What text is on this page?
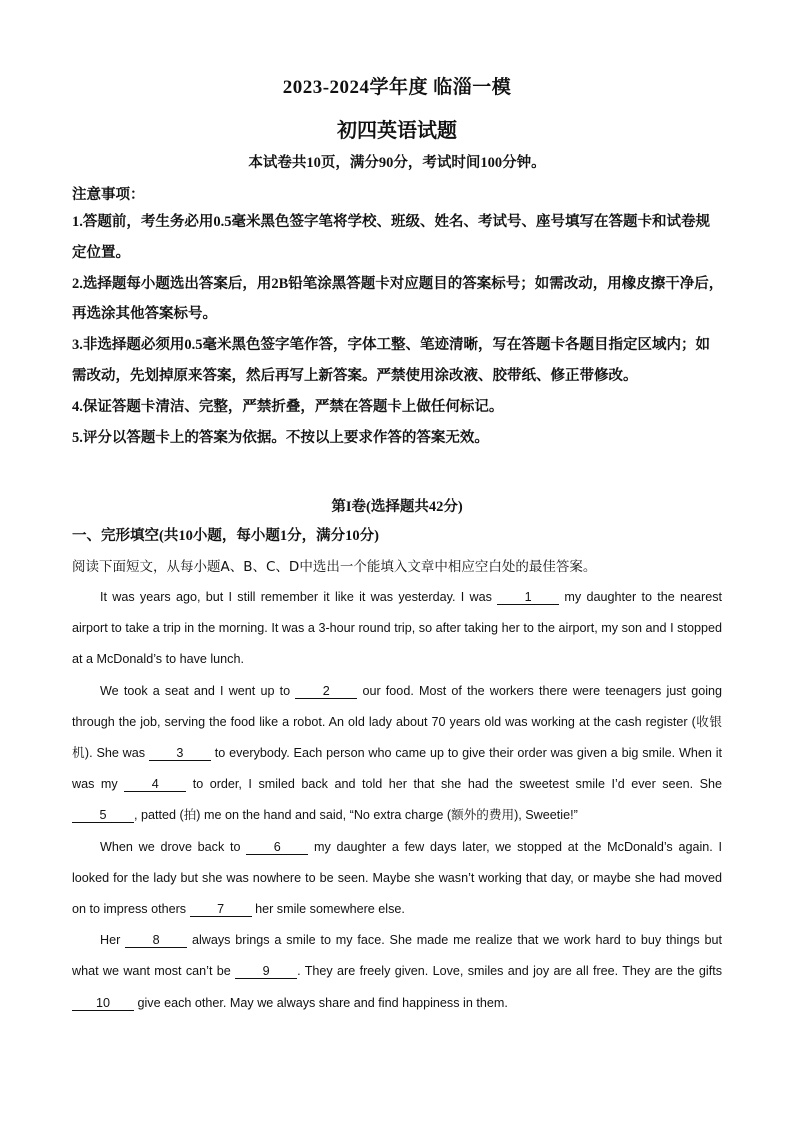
2023-2024学年度 临淄一模
初四英语试题
本试卷共10页，满分90分，考试时间100分钟。
注意事项：

1.答题前，考生务必用0.5毫米黑色签字笔将学校、班级、姓名、考试号、座号填写在答题卡和试卷规定位置。

2.选择题每小题选出答案后，用2B铅笔涂黑答题卡对应题目的答案标号；如需改动，用橡皮擦干净后，再选涂其他答案标号。

3.非选择题必须用0.5毫米黑色签字笔作答，字体工整、笔迹清晰，写在答题卡各题目指定区域内；如需改动，先划掉原来答案，然后再写上新答案。严禁使用涂改液、胶带纸、修正带修改。

4.保证答题卡清洁、完整，严禁折叠，严禁在答题卡上做任何标记。

5.评分以答题卡上的答案为依据。不按以上要求作答的答案无效。

第I卷(选择题共42分)
一、完形填空(共10小题，每小题1分，满分10分)
阅读下面短文，从每小题A、B、C、D中选出一个能填入文章中相应空白处的最佳答案。

It was years ago, but I still remember it like it was yesterday. I was 1 my daughter to the nearest airport to take a trip in the morning. It was a 3-hour round trip, so after taking her to the airport, my son and I stopped at a McDonald’s to have lunch.

We took a seat and I went up to 2 our food. Most of the workers there were teenagers just going through the job, serving the food like a robot. An old lady about 70 years old was working at the cash register (收银机). She was 3 to everybody. Each person who came up to give their order was given a big smile. When it was my 4 to order, I smiled back and told her that she had the sweetest smile I’d ever seen. She 5 , patted (拍) me on the hand and said, “No extra charge (额外的费用), Sweetie!”

When we drove back to 6 my daughter a few days later, we stopped at the McDonald’s again. I looked for the lady but she was nowhere to be seen. Maybe she wasn’t working that day, or maybe she had moved on to impress others 7 her smile somewhere else.

Her 8 always brings a smile to my face. She made me realize that we work hard to buy things but what we want most can’t be 9 . They are freely given. Love, smiles and joy are all free. They are the gifts 10 give each other. May we always share and find happiness in them.
